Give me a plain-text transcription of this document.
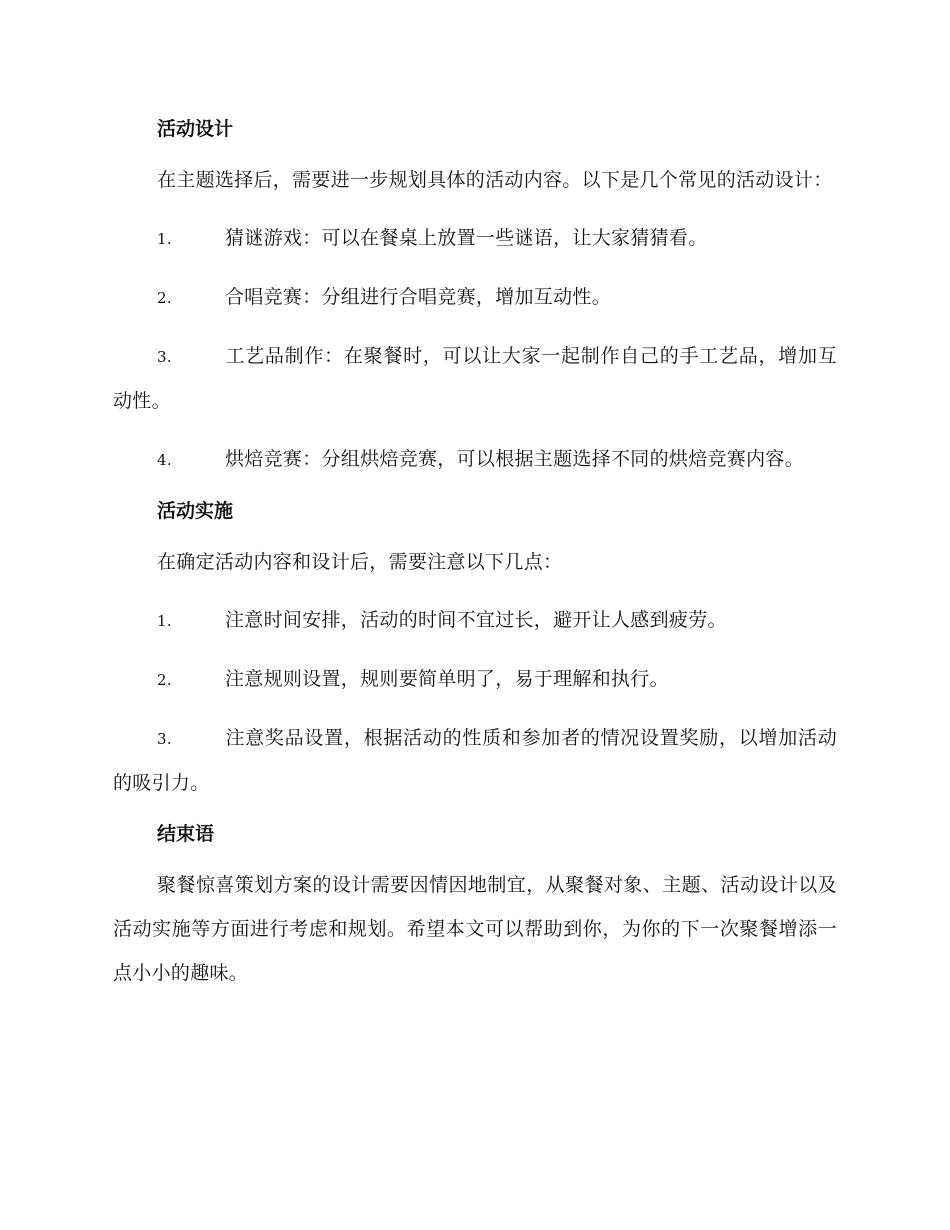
活动设计

在主题选择后，需要进一步规划具体的活动内容。以下是几个常见的活动设计：

1.	猜谜游戏：可以在餐桌上放置一些谜语，让大家猜猜看。

2.	合唱竞赛：分组进行合唱竞赛，增加互动性。

3.	工艺品制作：在聚餐时，可以让大家一起制作自己的手工艺品，增加互动性。

4.	烘焙竞赛：分组烘焙竞赛，可以根据主题选择不同的烘焙竞赛内容。

活动实施

在确定活动内容和设计后，需要注意以下几点：

1.	注意时间安排，活动的时间不宜过长，避开让人感到疲劳。

2.	注意规则设置，规则要简单明了，易于理解和执行。

3.	注意奖品设置，根据活动的性质和参加者的情况设置奖励，以增加活动的吸引力。

结束语

聚餐惊喜策划方案的设计需要因情因地制宜，从聚餐对象、主题、活动设计以及活动实施等方面进行考虑和规划。希望本文可以帮助到你，为你的下一次聚餐增添一点小小的趣味。
